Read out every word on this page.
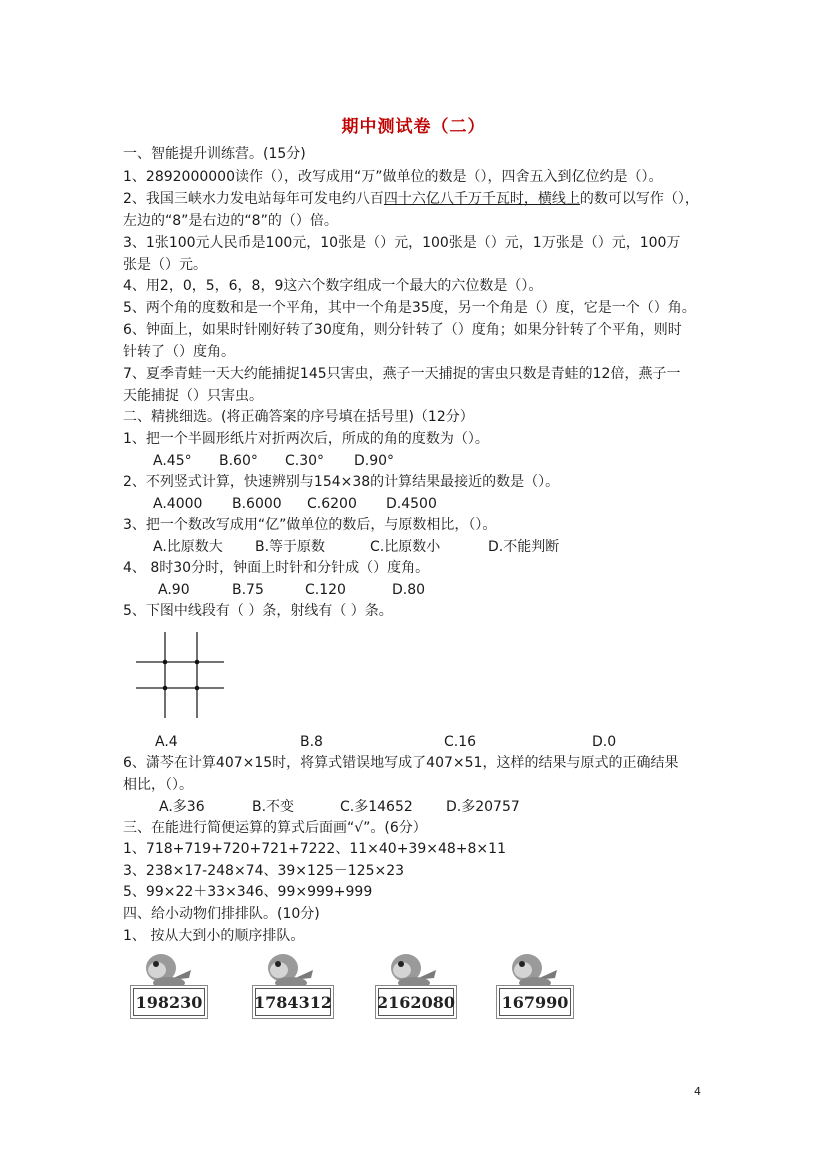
期中测试卷（二）
一、智能提升训练营。(15分)
1、2892000000读作（），改写成用“万”做单位的数是（），四舍五入到亿位约是（）。
2、我国三峡水力发电站每年可发电约八百四十六亿八千万千瓦时，横线上的数可以写作（），
左边的“8”是右边的“8”的（）倍。
3、1张100元人民币是100元，10张是（）元，100张是（）元，1万张是（）元，100万
张是（）元。
4、用2，0，5，6，8，9这六个数字组成一个最大的六位数是（）。
5、两个角的度数和是一个平角，其中一个角是35度，另一个角是（）度，它是一个（）角。
6、钟面上，如果时针刚好转了30度角，则分针转了（）度角；如果分针转了个平角，则时
针转了（）度角。
7、夏季青蛙一天大约能捕捉145只害虫，燕子一天捕捉的害虫只数是青蛙的12倍，燕子一
天能捕捉（）只害虫。
二、精挑细选。(将正确答案的序号填在括号里)（12分）
1、把一个半圆形纸片对折两次后，所成的角的度数为（）。
A.45° B.60° C.30° D.90°
2、不列竖式计算，快速辨别与154×38的计算结果最接近的数是（）。
A.4000 B.6000 C.6200 D.4500
3、把一个数改写成用“亿”做单位的数后，与原数相比，（）。
A.比原数大 B.等于原数	C.比原数小	D.不能判断
4、 8时30分时，钟面上时针和分针成（）度角。
A.90	B.75	C.120	D.80
5、下图中线段有（ ）条，射线有（ ）条。
A.4	B.8	C.16	D.0
6、潇芩在计算407×15时，将算式错误地写成了407×51，这样的结果与原式的正确结果
相比，（）。
A.多36	B.不变	C.多14652 D.多20757
三、在能进行简便运算的算式后面画“√”。(6分）
1、718+719+720+721+7222、11×40+39×48+8×11
3、238×17-248×74、39×125－125×23
5、99×22＋33×346、99×999+999
四、给小动物们排排队。(10分)
1、 按从大到小的顺序排队。
198230	1784312	2162080	167990
4
